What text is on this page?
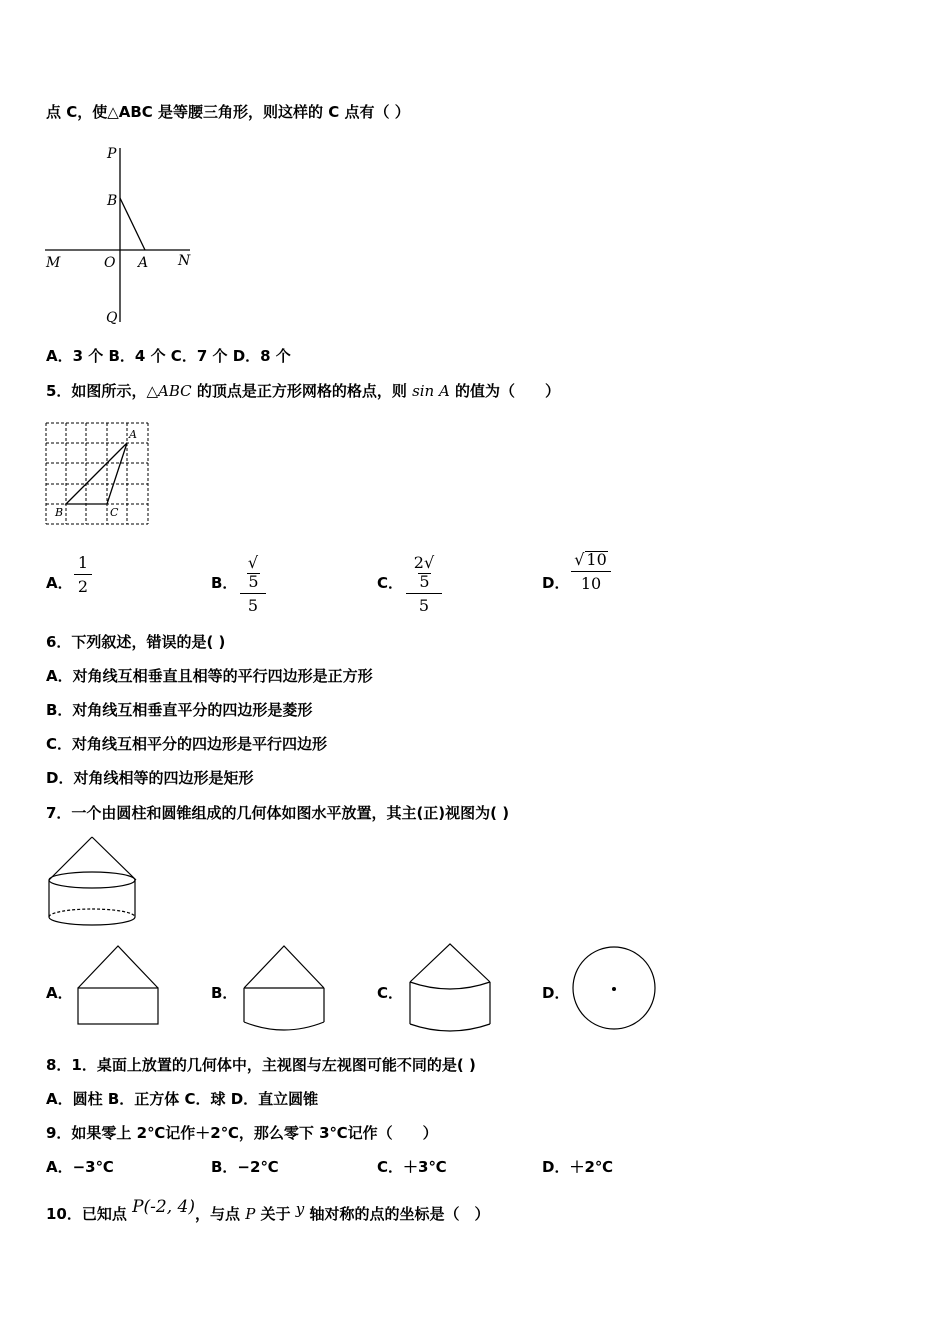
点 C，使△ABC 是等腰三角形，则这样的 C 点有（ ）
P
B
M	O A N
Q
A．3 个 B．4 个 C．7 个 D．8 个
5．如图所示，△ABC 的顶点是正方形网格的格点，则 sin A 的值为（　　）
A
B	C
A． $\frac{1}{2}$	B． $\frac{√5}{5}$	C． $\frac{2√5}{5}$	D． $\frac{√ 10}{10}$
6．下列叙述，错误的是( )
A．对角线互相垂直且相等的平行四边形是正方形
B．对角线互相垂直平分的四边形是菱形
C．对角线互相平分的四边形是平行四边形
D．对角线相等的四边形是矩形
7．一个由圆柱和圆锥组成的几何体如图水平放置，其主(正)视图为( )
A．	B．	C．	D．
8．1．桌面上放置的几何体中，主视图与左视图可能不同的是( )
A．圆柱 B．正方体 C．球 D．直立圆锥
9．如果零上 2℃记作＋2℃，那么零下 3℃记作（　　）
A．−3℃	B．−2℃	C．＋3℃	D．＋2℃
10．已知点 P(-2, 4)，与点 P 关于 y 轴对称的点的坐标是（　）
